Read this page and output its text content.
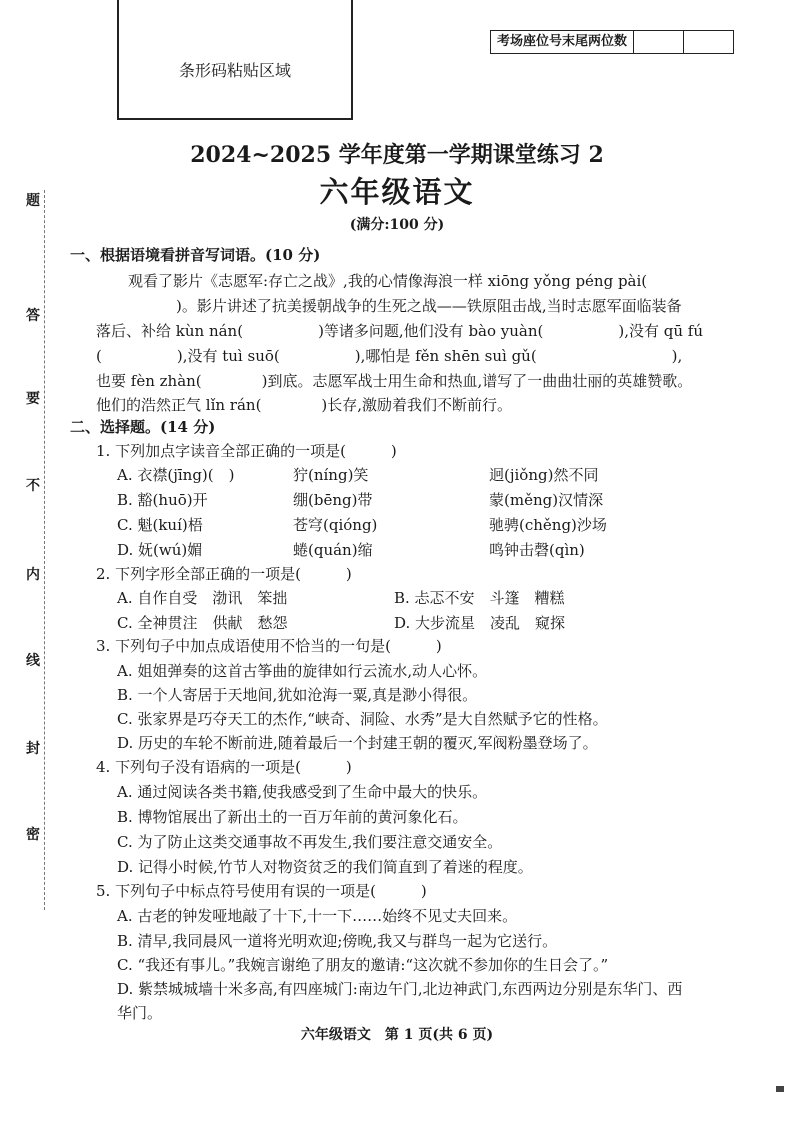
条形码粘贴区域
考场座位号末尾两位数
题
答
要
不
内
线
封
密
2024~2025 学年度第一学期课堂练习 2
六年级语文
(满分:100 分)
一、根据语境看拼音写词语。(10 分)
观看了影片《志愿军:存亡之战》,我的心情像海浪一样 xiōng yǒng péng pài(
)。影片讲述了抗美援朝战争的生死之战——铁原阻击战,当时志愿军面临装备
落后、补给 kùn nán(　　　　　)等诸多问题,他们没有 bào yuàn(　　　　　),没有 qū fú
(　　　　　),没有 tuì suō(　　　　　),哪怕是 fěn shēn suì gǔ(　　　　　　　　　),
也要 fèn zhàn(　　　　)到底。志愿军战士用生命和热血,谱写了一曲曲壮丽的英雄赞歌。
他们的浩然正气 lǐn rán(　　　　)长存,激励着我们不断前行。
二、选择题。(14 分)
1. 下列加点字读音全部正确的一项是(　　　)
A. 衣襟(jīng)(　)	狞(níng)笑	迥(jiǒng)然不同
B. 豁(huō)开	绷(bēng)带	蒙(měng)汉情深
C. 魁(kuí)梧	苍穹(qióng)	驰骋(chěng)沙场
D. 妩(wú)媚	蜷(quán)缩	鸣钟击磬(qìn)
2. 下列字形全部正确的一项是(　　　)
A. 自作自受　渤讯　笨拙	B. 忐忑不安　斗篷　糟糕
C. 全神贯注　供献　愁怨	D. 大步流星　凌乱　窥探
3. 下列句子中加点成语使用不恰当的一句是(　　　)
A. 姐姐弹奏的这首古筝曲的旋律如行云流水,动人心怀。
B. 一个人寄居于天地间,犹如沧海一粟,真是渺小得很。
C. 张家界是巧夺天工的杰作,“峡奇、洞险、水秀”是大自然赋予它的性格。
D. 历史的车轮不断前进,随着最后一个封建王朝的覆灭,军阀粉墨登场了。
4. 下列句子没有语病的一项是(　　　)
A. 通过阅读各类书籍,使我感受到了生命中最大的快乐。
B. 博物馆展出了新出土的一百万年前的黄河象化石。
C. 为了防止这类交通事故不再发生,我们要注意交通安全。
D. 记得小时候,竹节人对物资贫乏的我们简直到了着迷的程度。
5. 下列句子中标点符号使用有误的一项是(　　　)
A. 古老的钟发哑地敲了十下,十一下……始终不见丈夫回来。
B. 清早,我同晨风一道将光明欢迎;傍晚,我又与群鸟一起为它送行。
C. “我还有事儿。”我婉言谢绝了朋友的邀请:“这次就不参加你的生日会了。”
D. 紫禁城城墙十米多高,有四座城门:南边午门,北边神武门,东西两边分别是东华门、西
华门。
六年级语文　第 1 页(共 6 页)
